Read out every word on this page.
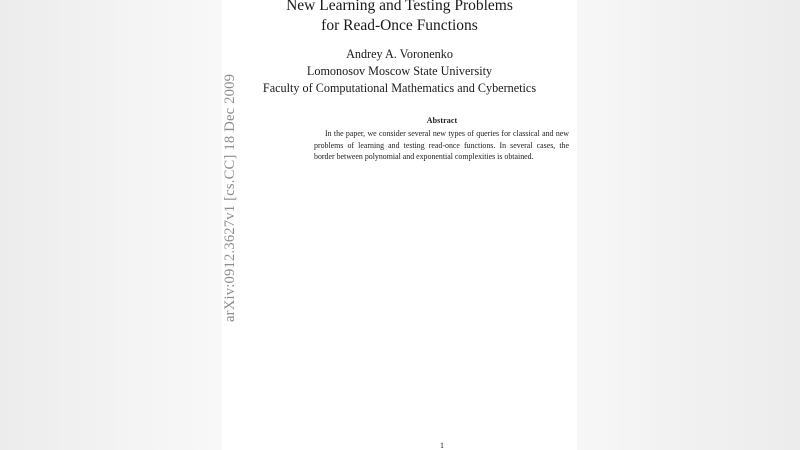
New Learning and Testing Problems
for Read-Once Functions
Andrey A. Voronenko
Lomonosov Moscow State University
Faculty of Computational Mathematics and Cybernetics
Abstract
In the paper, we consider several new types of queries for classical and new problems of learning and testing read-once functions. In several cases, the border between polynomial and exponential complexities is obtained.
1
arXiv:0912.3627v1 [cs.CC] 18 Dec 2009
